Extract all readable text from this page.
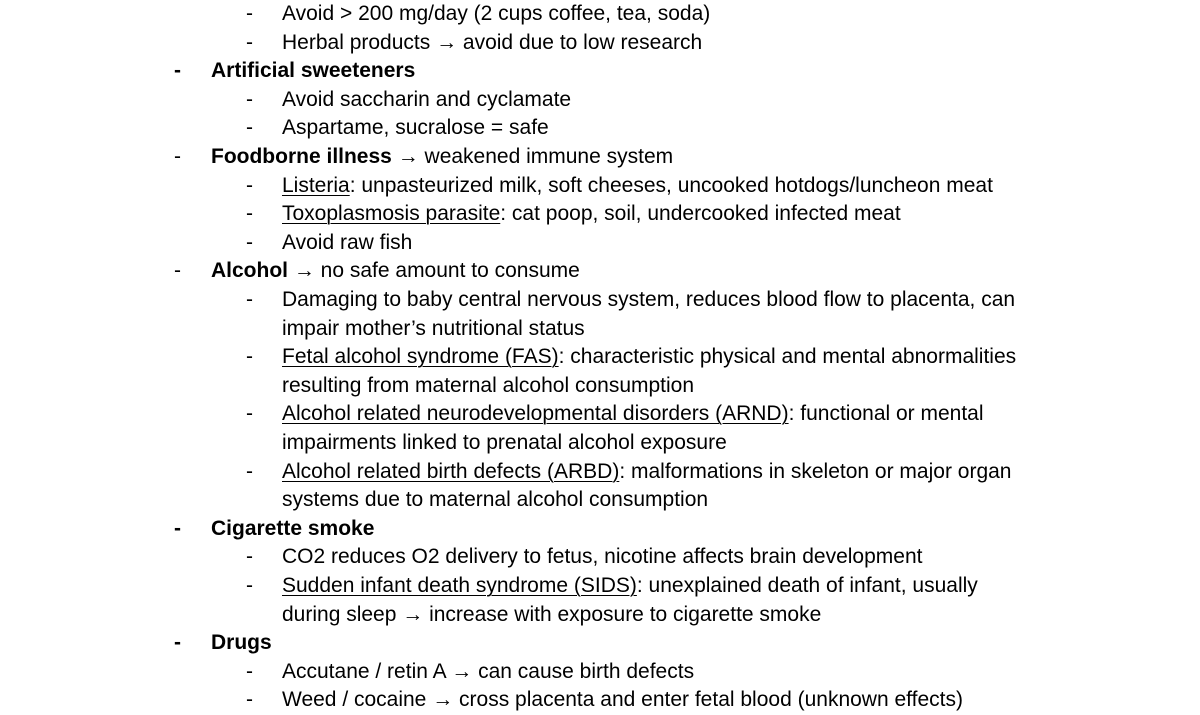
- Avoid > 200 mg/day (2 cups coffee, tea, soda)
- Herbal products → avoid due to low research
- Artificial sweeteners
- Avoid saccharin and cyclamate
- Aspartame, sucralose = safe
- Foodborne illness → weakened immune system
- Listeria: unpasteurized milk, soft cheeses, uncooked hotdogs/luncheon meat
- Toxoplasmosis parasite: cat poop, soil, undercooked infected meat
- Avoid raw fish
- Alcohol → no safe amount to consume
- Damaging to baby central nervous system, reduces blood flow to placenta, can
impair mother’s nutritional status
- Fetal alcohol syndrome (FAS): characteristic physical and mental abnormalities
resulting from maternal alcohol consumption
- Alcohol related neurodevelopmental disorders (ARND): functional or mental
impairments linked to prenatal alcohol exposure
- Alcohol related birth defects (ARBD): malformations in skeleton or major organ
systems due to maternal alcohol consumption
- Cigarette smoke
- CO2 reduces O2 delivery to fetus, nicotine affects brain development
- Sudden infant death syndrome (SIDS): unexplained death of infant, usually
during sleep → increase with exposure to cigarette smoke
- Drugs
- Accutane / retin A → can cause birth defects
- Weed / cocaine → cross placenta and enter fetal blood (unknown effects)
